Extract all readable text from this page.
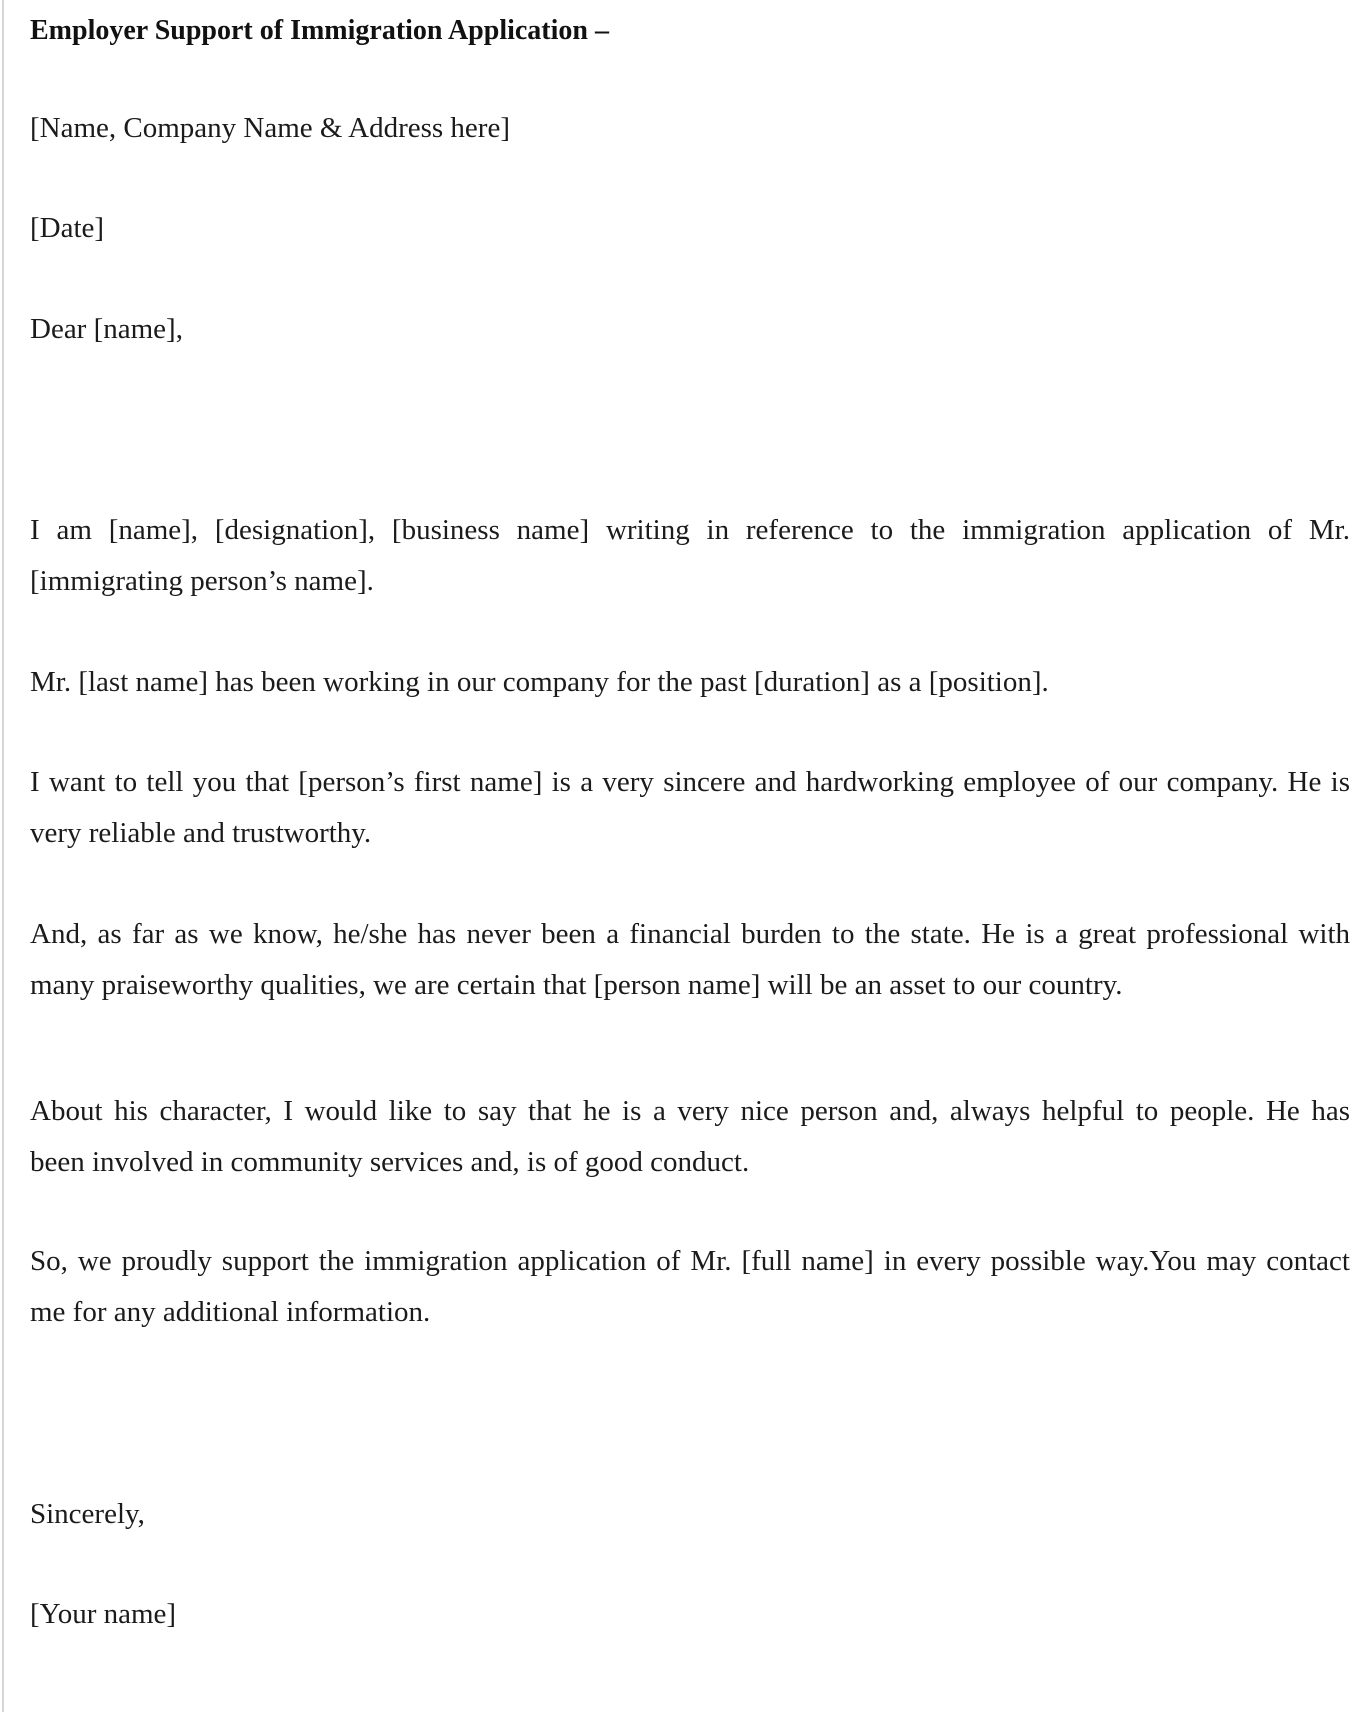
Employer Support of Immigration Application –

[Name, Company Name & Address here]

[Date]

Dear [name],

I am [name], [designation], [business name] writing in reference to the immigration application of Mr.

[immigrating person’s name].

Mr. [last name] has been working in our company for the past [duration] as a [position].

I want to tell you that [person’s first name] is a very sincere and hardworking employee of our company. He is

very reliable and trustworthy.

And, as far as we know, he/she has never been a financial burden to the state. He is a great professional with

many praiseworthy qualities, we are certain that [person name] will be an asset to our country.

About his character, I would like to say that he is a very nice person and, always helpful to people. He has

been involved in community services and, is of good conduct.

So, we proudly support the immigration application of Mr. [full name] in every possible way.You may contact

me for any additional information.

Sincerely,

[Your name]
